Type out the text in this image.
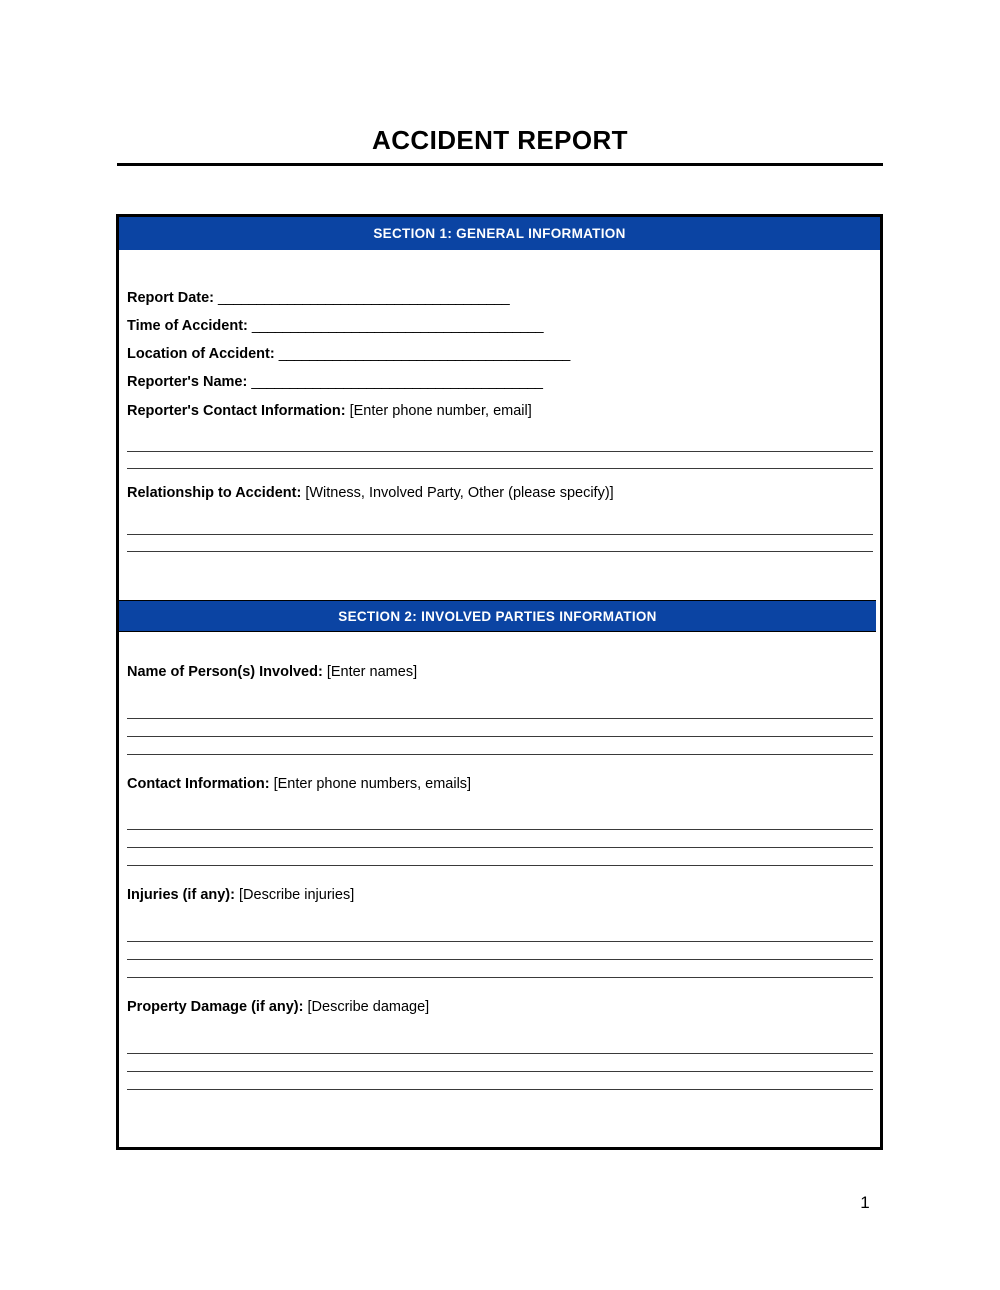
ACCIDENT REPORT
SECTION 1: GENERAL INFORMATION
Report Date: ______________________________________
Time of Accident: ______________________________________
Location of Accident: ______________________________________
Reporter's Name: ______________________________________
Reporter's Contact Information: [Enter phone number, email]
Relationship to Accident: [Witness, Involved Party, Other (please specify)]
SECTION 2: INVOLVED PARTIES INFORMATION
Name of Person(s) Involved: [Enter names]
Contact Information: [Enter phone numbers, emails]
Injuries (if any): [Describe injuries]
Property Damage (if any): [Describe damage]
1
